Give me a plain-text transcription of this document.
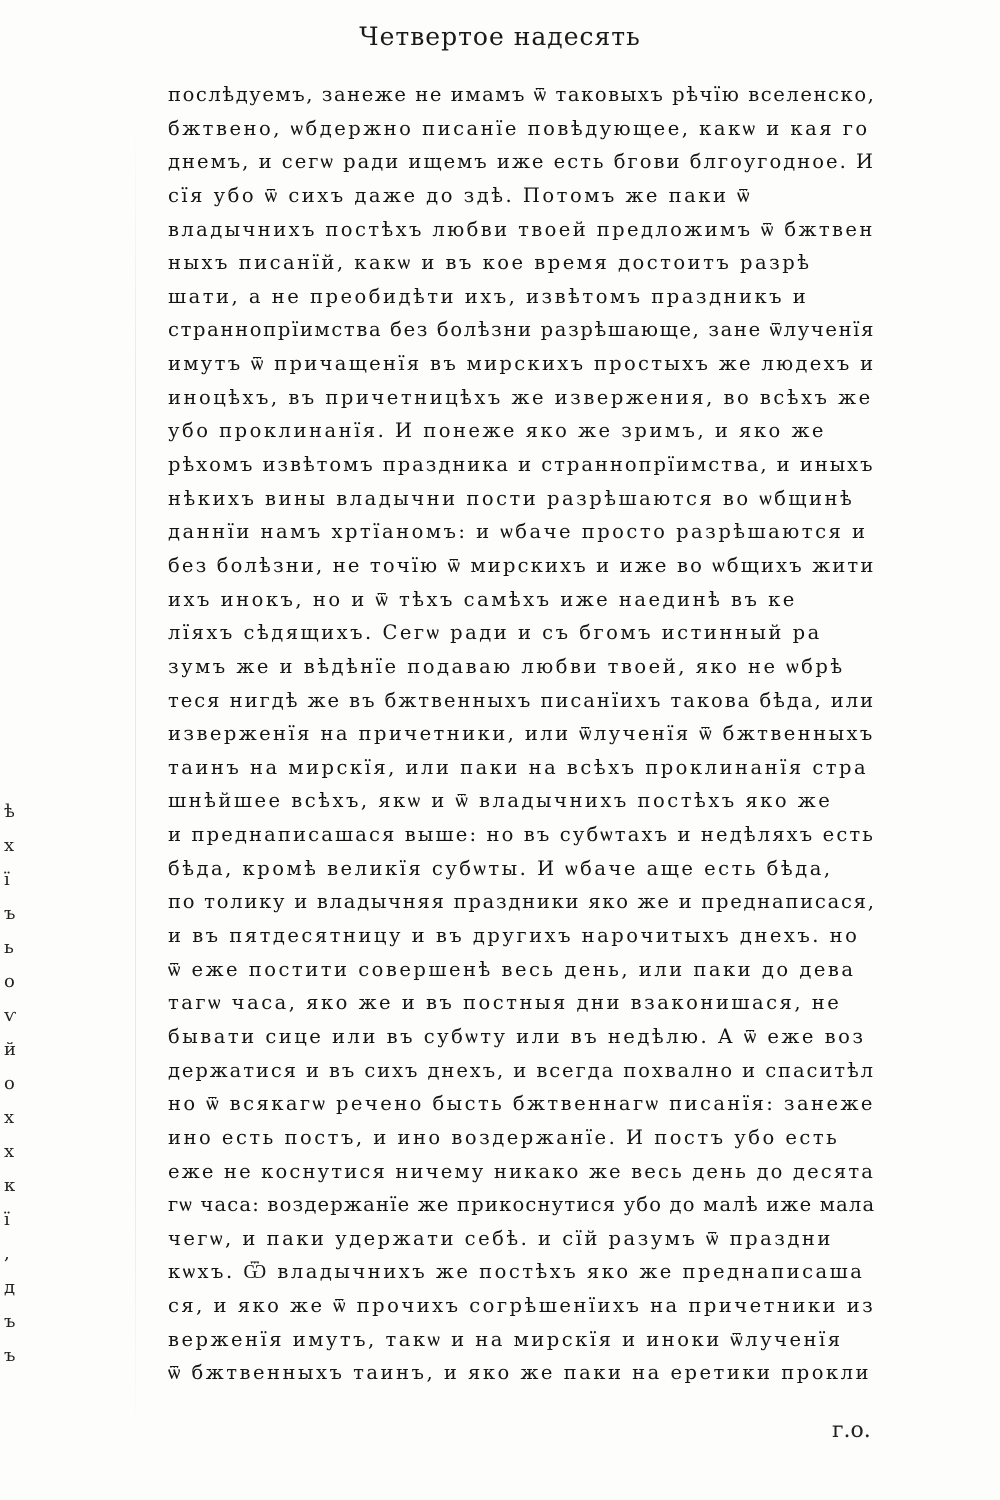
Четвертое надесять
ѣ
х
ї
ъ
ь
о
ѵ
й
о
х
х
к
ї
,
д
ъ
ъ
послѣдуемъ, занеже не имамъ ѿ таковыхъ рѣчїю вселенско,
бжтвено, ѡбдержно писанїе повѣдующее, какѡ и кая го
днемъ, и сегѡ ради ищемъ иже есть бгови блгоугодное. И
сїя убо ѿ сихъ даже до здѣ. Потомъ же паки ѿ
владычнихъ постѣхъ любви твоей предложимъ ѿ бжтвен
ныхъ писанїй, какѡ и въ кое время достоитъ разрѣ
шати, а не преобидѣти ихъ, извѣтомъ праздникъ и
страннопрїимства без болѣзни разрѣшающе, зане ѿлученїя
имутъ ѿ причащенїя въ мирскихъ простыхъ же людехъ и
иноцѣхъ, въ причетницѣхъ же извержения, во всѣхъ же
убо проклинанїя. И понеже яко же зримъ, и яко же
рѣхомъ извѣтомъ праздника и страннопрїимства, и иныхъ
нѣкихъ вины владычни пости разрѣшаются во ѡбщинѣ
даннїи намъ хртїаномъ: и ѡбаче просто разрѣшаются и
без болѣзни, не точїю ѿ мирскихъ и иже во ѡбщихъ жити
ихъ инокъ, но и ѿ тѣхъ самѣхъ иже наединѣ въ ке
лїяхъ сѣдящихъ. Сегѡ ради и съ бгомъ истинный ра
зумъ же и вѣдѣнїе подаваю любви твоей, яко не ѡбрѣ
теся нигдѣ же въ бжтвенныхъ писанїихъ такова бѣда, или
изверженїя на причетники, или ѿлученїя ѿ бжтвенныхъ
таинъ на мирскїя, или паки на всѣхъ проклинанїя стра
шнѣйшее всѣхъ, якѡ и ѿ владычнихъ постѣхъ яко же
и преднаписашася выше: но въ субѡтахъ и недѣляхъ есть
бѣда, кромѣ великїя субѡты. И ѡбаче аще есть бѣда,
по толику и владычняя праздники яко же и преднаписася,
и въ пятдесятницу и въ другихъ нарочитыхъ днехъ. но
ѿ еже постити совершенѣ весь день, или паки до дева
тагѡ часа, яко же и въ постныя дни взаконишася, не
бывати сице или въ субѡту или въ недѣлю. А ѿ еже воз
держатися и въ сихъ днехъ, и всегда похвално и спаситѣл
но ѿ всякагѡ речено бысть бжтвеннагѡ писанїя: занеже
ино есть постъ, и ино воздержанїе. И постъ убо есть
еже не коснутися ничему никако же весь день до десята
гѡ часа: воздержанїе же прикоснутися убо до малѣ иже мала
чегѡ, и паки удержати себѣ. и сїй разумъ ѿ праздни
кѡхъ. Ѿ владычнихъ же постѣхъ яко же преднаписаша
ся, и яко же ѿ прочихъ согрѣшенїихъ на причетники из
верженїя имутъ, такѡ и на мирскїя и иноки ѿлученїя
ѿ бжтвенныхъ таинъ, и яко же паки на еретики прокли
г.о.
